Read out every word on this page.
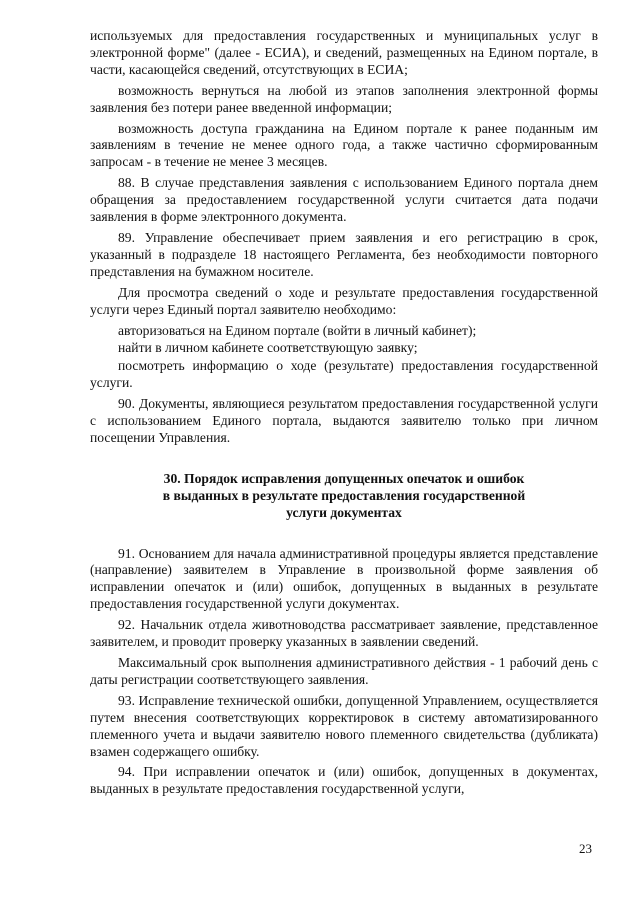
используемых для предоставления государственных и муниципальных услуг в электронной форме" (далее - ЕСИА), и сведений, размещенных на Едином портале, в части, касающейся сведений, отсутствующих в ЕСИА;

возможность вернуться на любой из этапов заполнения электронной формы заявления без потери ранее введенной информации;

возможность доступа гражданина на Едином портале к ранее поданным им заявлениям в течение не менее одного года, а также частично сформированным запросам - в течение не менее 3 месяцев.

88. В случае представления заявления с использованием Единого портала днем обращения за предоставлением государственной услуги считается дата подачи заявления в форме электронного документа.

89. Управление обеспечивает прием заявления и его регистрацию в срок, указанный в подразделе 18 настоящего Регламента, без необходимости повторного представления на бумажном носителе.

Для просмотра сведений о ходе и результате предоставления государственной услуги через Единый портал заявителю необходимо:

авторизоваться на Едином портале (войти в личный кабинет);

найти в личном кабинете соответствующую заявку;

посмотреть информацию о ходе (результате) предоставления государственной услуги.

90. Документы, являющиеся результатом предоставления государственной услуги с использованием Единого портала, выдаются заявителю только при личном посещении Управления.

30. Порядок исправления допущенных опечаток и ошибок
в выданных в результате предоставления государственной
услуги документах

91. Основанием для начала административной процедуры является представление (направление) заявителем в Управление в произвольной форме заявления об исправлении опечаток и (или) ошибок, допущенных в выданных в результате предоставления государственной услуги документах.

92. Начальник отдела животноводства рассматривает заявление, представленное заявителем, и проводит проверку указанных в заявлении сведений.

Максимальный срок выполнения административного действия - 1 рабочий день с даты регистрации соответствующего заявления.

93. Исправление технической ошибки, допущенной Управлением, осуществляется путем внесения соответствующих корректировок в систему автоматизированного племенного учета и выдачи заявителю нового племенного свидетельства (дубликата) взамен содержащего ошибку.

94. При исправлении опечаток и (или) ошибок, допущенных в документах, выданных в результате предоставления государственной услуги,

23
